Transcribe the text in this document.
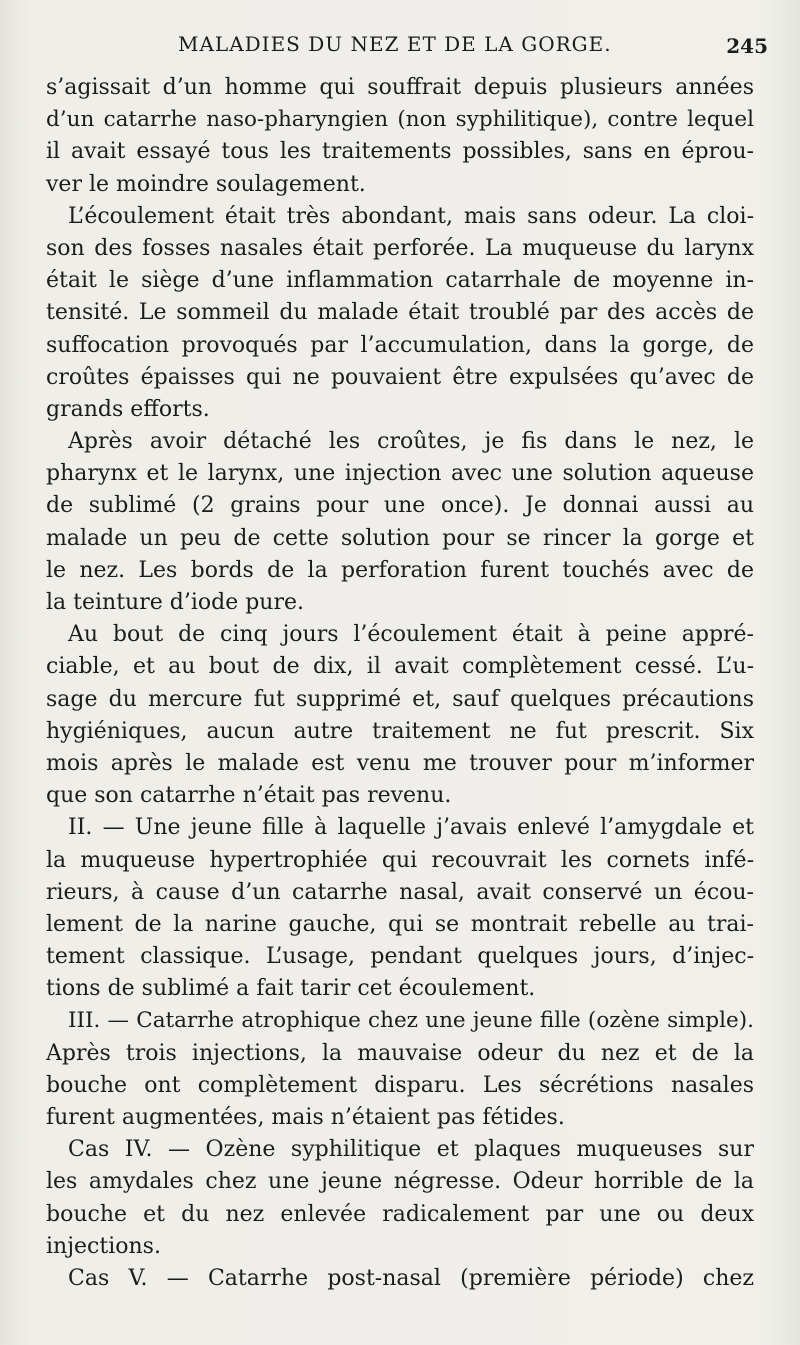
MALADIES DU NEZ ET DE LA GORGE.	245
s’agissait d’un homme qui souffrait depuis plusieurs années
d’un catarrhe naso-pharyngien (non syphilitique), contre lequel
il avait essayé tous les traitements possibles, sans en éprou-
ver le moindre soulagement.
L’écoulement était très abondant, mais sans odeur. La cloi-
son des fosses nasales était perforée. La muqueuse du larynx
était le siège d’une inflammation catarrhale de moyenne in-
tensité. Le sommeil du malade était troublé par des accès de
suffocation provoqués par l’accumulation, dans la gorge, de
croûtes épaisses qui ne pouvaient être expulsées qu’avec de
grands efforts.
Après avoir détaché les croûtes, je fis dans le nez, le
pharynx et le larynx, une injection avec une solution aqueuse
de sublimé (2 grains pour une once). Je donnai aussi au
malade un peu de cette solution pour se rincer la gorge et
le nez. Les bords de la perforation furent touchés avec de
la teinture d’iode pure.
Au bout de cinq jours l’écoulement était à peine appré-
ciable, et au bout de dix, il avait complètement cessé. L’u-
sage du mercure fut supprimé et, sauf quelques précautions
hygiéniques, aucun autre traitement ne fut prescrit. Six
mois après le malade est venu me trouver pour m’informer
que son catarrhe n’était pas revenu.
II. — Une jeune fille à laquelle j’avais enlevé l’amygdale et
la muqueuse hypertrophiée qui recouvrait les cornets infé-
rieurs, à cause d’un catarrhe nasal, avait conservé un écou-
lement de la narine gauche, qui se montrait rebelle au trai-
tement classique. L’usage, pendant quelques jours, d’injec-
tions de sublimé a fait tarir cet écoulement.
III. — Catarrhe atrophique chez une jeune fille (ozène simple).
Après trois injections, la mauvaise odeur du nez et de la
bouche ont complètement disparu. Les sécrétions nasales
furent augmentées, mais n’étaient pas fétides.
Cas IV. — Ozène syphilitique et plaques muqueuses sur
les amydales chez une jeune négresse. Odeur horrible de la
bouche et du nez enlevée radicalement par une ou deux
injections.
Cas V. — Catarrhe post-nasal (première période) chez
